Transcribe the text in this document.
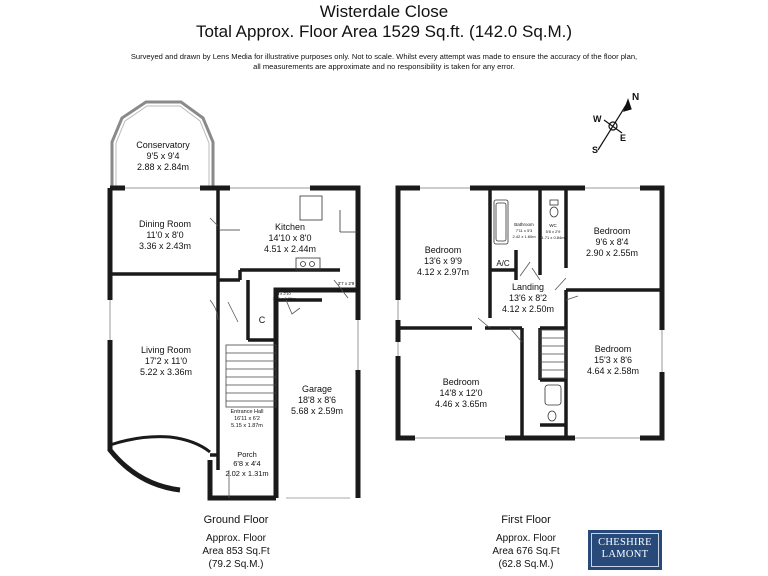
Wisterdale Close
Total Approx. Floor Area 1529 Sq.ft. (142.0 Sq.M.)
Surveyed and drawn by Lens Media for illustrative purposes only. Not to scale. Whilst every attempt was made to ensure the accuracy of the floor plan,
all measurements are approximate and no responsibility is taken for any error.
N
E
S
W
Conservatory
9'5 x 9'4
2.88 x 2.84m
Dining Room
11'0 x 8'0
3.36 x 2.43m
Kitchen
14'10 x 8'0
4.51 x 2.44m
Living Room
17'2 x 11'0
5.22 x 3.36m
Garage
18'8 x 8'6
5.68 x 2.59m
C
Entrance Hall
16'11 x 6'2
5.15 x 1.87m
WC
4'x 2'10
1.21 x 0.86m
3'7 x 2'9
1.09 x 0.84m
Porch
6'8 x 4'4
2.02 x 1.31m
Bedroom
13'6 x 9'9
4.12 x 2.97m
Bedroom
9'6 x 8'4
2.90 x 2.55m
Landing
13'6 x 8'2
4.12 x 2.50m
Bedroom
14'8 x 12'0
4.46 x 3.65m
Bedroom
15'3 x 8'6
4.64 x 2.58m
A/C
Bathroom
7'11 x 5'3
2.42 x 1.60m
WC
5'8 x 2'9
1.71 x 0.84m
Ground Floor
Approx. Floor
Area 853 Sq.Ft
(79.2 Sq.M.)
First Floor
Approx. Floor
Area 676 Sq.Ft
(62.8 Sq.M.)
CHESHIRE
LAMONT
